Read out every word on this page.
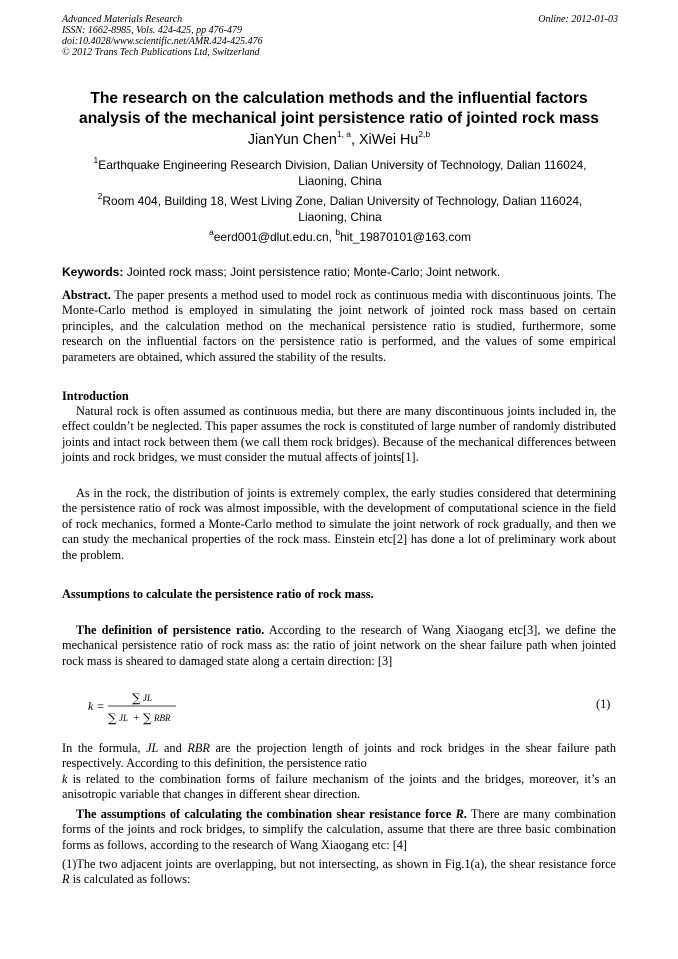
Advanced Materials Research
ISSN: 1662-8985, Vols. 424-425, pp 476-479
doi:10.4028/www.scientific.net/AMR.424-425.476
© 2012 Trans Tech Publications Ltd, Switzerland
Online: 2012-01-03
The research on the calculation methods and the influential factors
analysis of the mechanical joint persistence ratio of jointed rock mass
JianYun Chen$^{1, a}$, XiWei Hu$^{2,b}$
$^1$Earthquake Engineering Research Division, Dalian University of Technology, Dalian 116024,
Liaoning, China
$^2$Room 404, Building 18, West Living Zone, Dalian University of Technology, Dalian 116024,
Liaoning, China
$^a$eerd001@dlut.edu.cn, $^b$hit_19870101@163.com
Keywords: Jointed rock mass; Joint persistence ratio; Monte-Carlo; Joint network.
Abstract. The paper presents a method used to model rock as continuous media with discontinuous joints. The Monte-Carlo method is employed in simulating the joint network of jointed rock mass based on certain principles, and the calculation method on the mechanical persistence ratio is studied, furthermore, some research on the influential factors on the persistence ratio is performed, and the values of some empirical parameters are obtained, which assured the stability of the results.
Introduction
Natural rock is often assumed as continuous media, but there are many discontinuous joints included in, the effect couldn’t be neglected. This paper assumes the rock is constituted of large number of randomly distributed joints and intact rock between them (we call them rock bridges). Because of the mechanical differences between joints and rock bridges, we must consider the mutual affects of joints[1].
As in the rock, the distribution of joints is extremely complex, the early studies considered that determining the persistence ratio of rock was almost impossible, with the development of computational science in the field of rock mechanics, formed a Monte-Carlo method to simulate the joint network of rock gradually, and then we can study the mechanical properties of the rock mass. Einstein etc[2] has done a lot of preliminary work about the problem.
Assumptions to calculate the persistence ratio of rock mass.
The definition of persistence ratio. According to the research of Wang Xiaogang etc[3], we define the mechanical persistence ratio of rock mass as: the ratio of joint network on the shear failure path when jointed rock mass is sheared to damaged state along a certain direction: [3]
k =
∑ JL
∑ JL + ∑ RBR
(1)
In the formula, JL and RBR are the projection length of joints and rock bridges in the shear failure path respectively. According to this definition, the persistence ratio
k is related to the combination forms of failure mechanism of the joints and the bridges, moreover, it’s an anisotropic variable that changes in different shear direction.
The assumptions of calculating the combination shear resistance force R. There are many combination forms of the joints and rock bridges, to simplify the calculation, assume that there are three basic combination forms as follows, according to the research of Wang Xiaogang etc: [4]
(1)The two adjacent joints are overlapping, but not intersecting, as shown in Fig.1(a), the shear resistance force R is calculated as follows:
